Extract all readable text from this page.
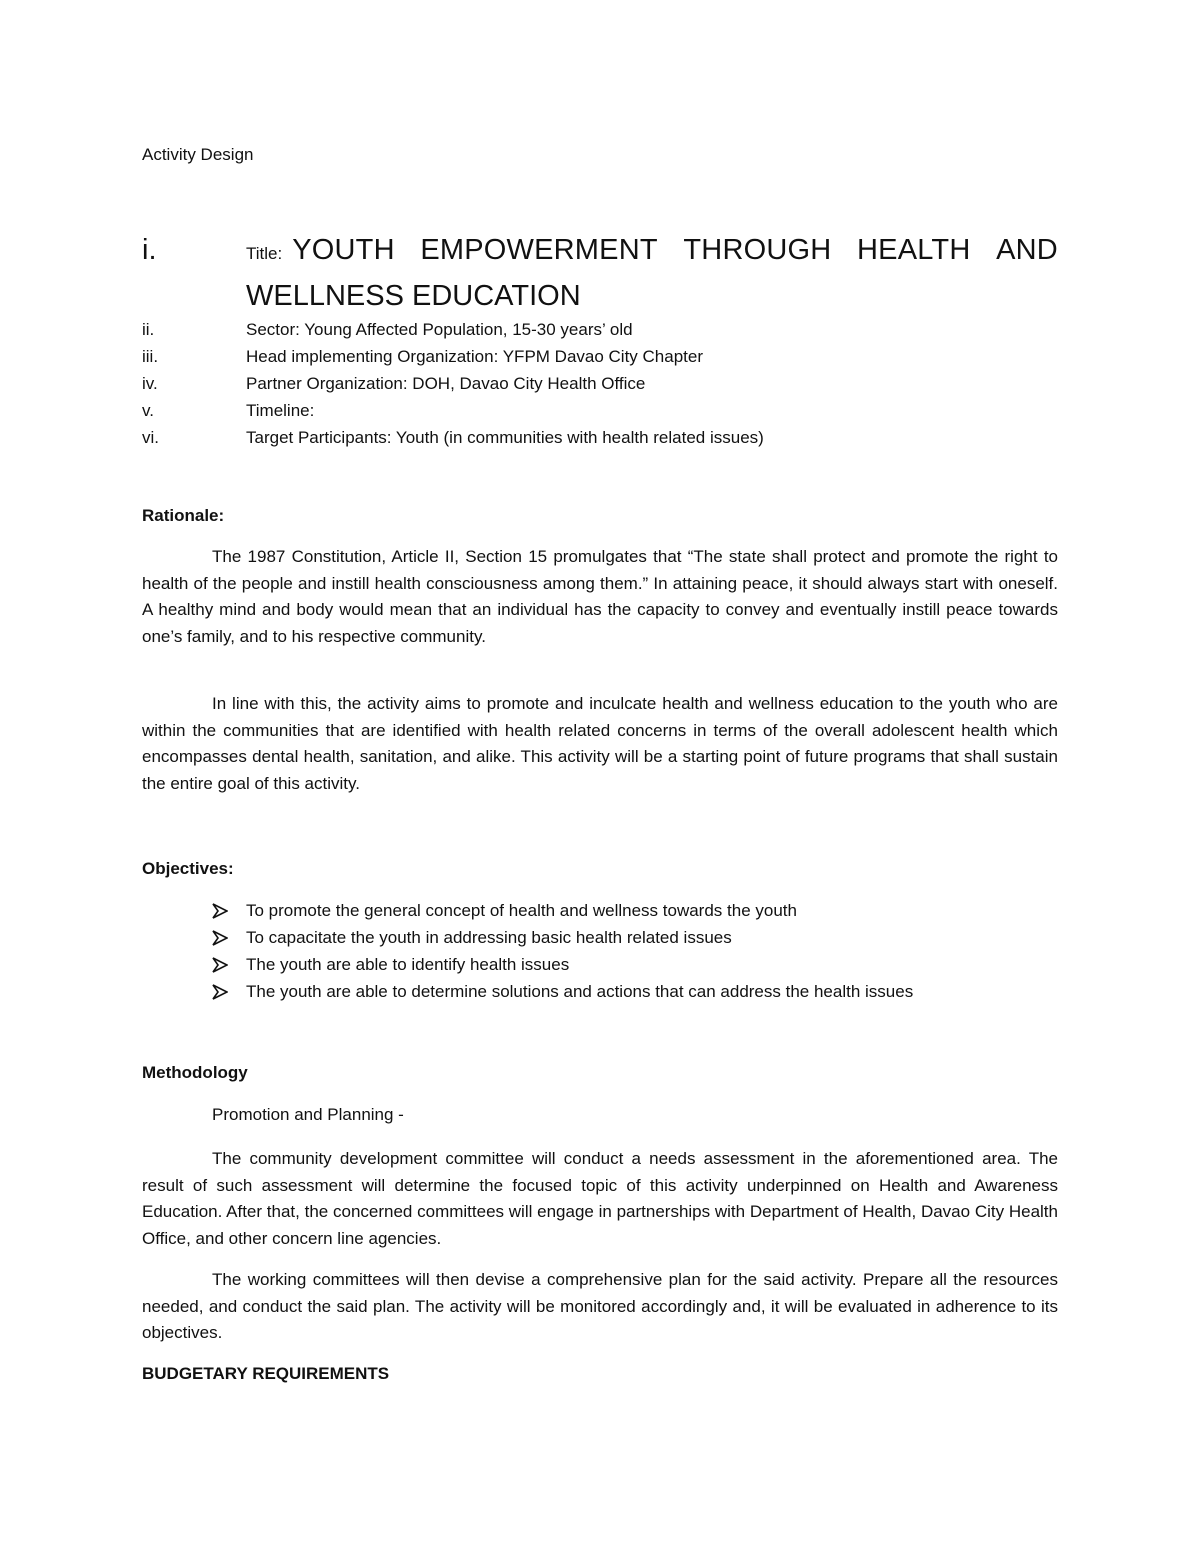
Activity Design
i.	Title: YOUTH EMPOWERMENT THROUGH HEALTH AND
WELLNESS EDUCATION
ii.	Sector: Young Affected Population, 15-30 years’ old
iii.	Head implementing Organization: YFPM Davao City Chapter
iv.	Partner Organization: DOH, Davao City Health Office
v.	Timeline:
vi.	Target Participants: Youth (in communities with health related issues)
Rationale:

The 1987 Constitution, Article II, Section 15 promulgates that “The state shall protect and promote the right to health of the people and instill health consciousness among them.” In attaining peace, it should always start with oneself. A healthy mind and body would mean that an individual has the capacity to convey and eventually instill peace towards one’s family, and to his respective community.

In line with this, the activity aims to promote and inculcate health and wellness education to the youth who are within the communities that are identified with health related concerns in terms of the overall adolescent health which encompasses dental health, sanitation, and alike. This activity will be a starting point of future programs that shall sustain the entire goal of this activity.

Objectives:
To promote the general concept of health and wellness towards the youth
To capacitate the youth in addressing basic health related issues
The youth are able to identify health issues
The youth are able to determine solutions and actions that can address the health issues
Methodology
Promotion and Planning -

The community development committee will conduct a needs assessment in the aforementioned area. The result of such assessment will determine the focused topic of this activity underpinned on Health and Awareness Education. After that, the concerned committees will engage in partnerships with Department of Health, Davao City Health Office, and other concern line agencies.

The working committees will then devise a comprehensive plan for the said activity. Prepare all the resources needed, and conduct the said plan. The activity will be monitored accordingly and, it will be evaluated in adherence to its objectives.

BUDGETARY REQUIREMENTS
